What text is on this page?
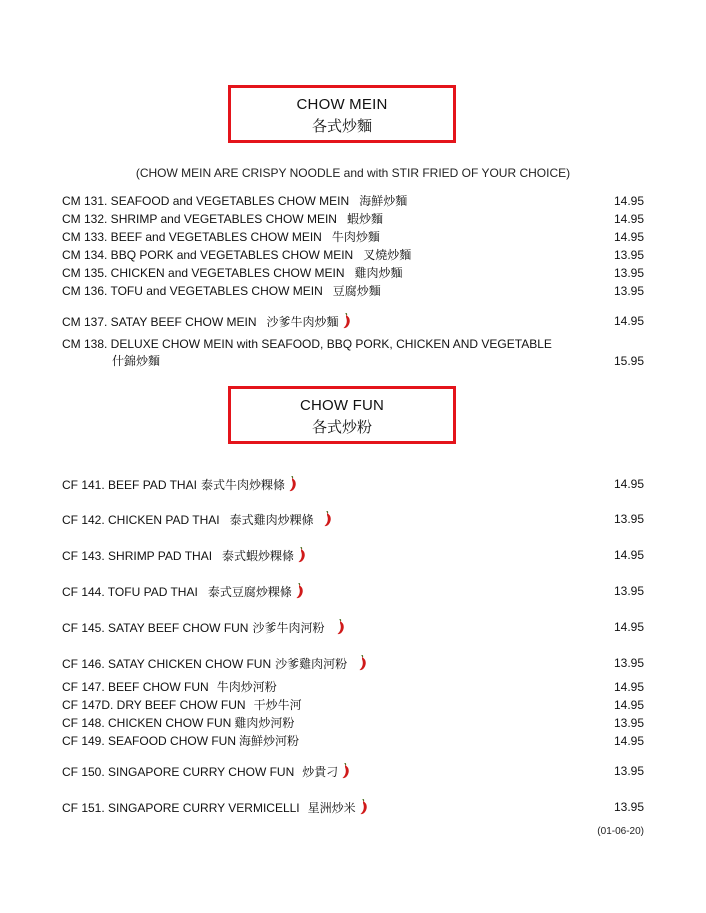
CHOW MEIN
各式炒麵
(CHOW MEIN ARE CRISPY NOODLE and with STIR FRIED OF YOUR CHOICE)
CM 131. SEAFOOD and VEGETABLES CHOW MEIN 海鮮炒麵	14.95
CM 132. SHRIMP and VEGETABLES CHOW MEIN 蝦炒麵	14.95
CM 133. BEEF and VEGETABLES CHOW MEIN 牛肉炒麵	14.95
CM 134. BBQ PORK and VEGETABLES CHOW MEIN 叉燒炒麵	13.95
CM 135. CHICKEN and VEGETABLES CHOW MEIN 雞肉炒麵	13.95
CM 136. TOFU and VEGETABLES CHOW MEIN 豆腐炒麵	13.95
CM 137. SATAY BEEF CHOW MEIN 沙爹牛肉炒麵	14.95
CM 138. DELUXE CHOW MEIN with SEAFOOD, BBQ PORK, CHICKEN AND VEGETABLE
什錦炒麵	15.95
CHOW FUN
各式炒粉
CF 141. BEEF PAD THAI 泰式牛肉炒粿條	14.95
CF 142. CHICKEN PAD THAI 泰式雞肉炒粿條	13.95
CF 143. SHRIMP PAD THAI 泰式蝦炒粿條	14.95
CF 144. TOFU PAD THAI 泰式豆腐炒粿條	13.95
CF 145. SATAY BEEF CHOW FUN 沙爹牛肉河粉	14.95
CF 146. SATAY CHICKEN CHOW FUN 沙爹雞肉河粉	13.95
CF 147. BEEF CHOW FUN 牛肉炒河粉	14.95
CF 147D. DRY BEEF CHOW FUN 干炒牛河	14.95
CF 148. CHICKEN CHOW FUN 雞肉炒河粉	13.95
CF 149. SEAFOOD CHOW FUN 海鮮炒河粉	14.95
CF 150. SINGAPORE CURRY CHOW FUN 炒貴刁	13.95
CF 151. SINGAPORE CURRY VERMICELLI 星洲炒米	13.95
(01-06-20)
